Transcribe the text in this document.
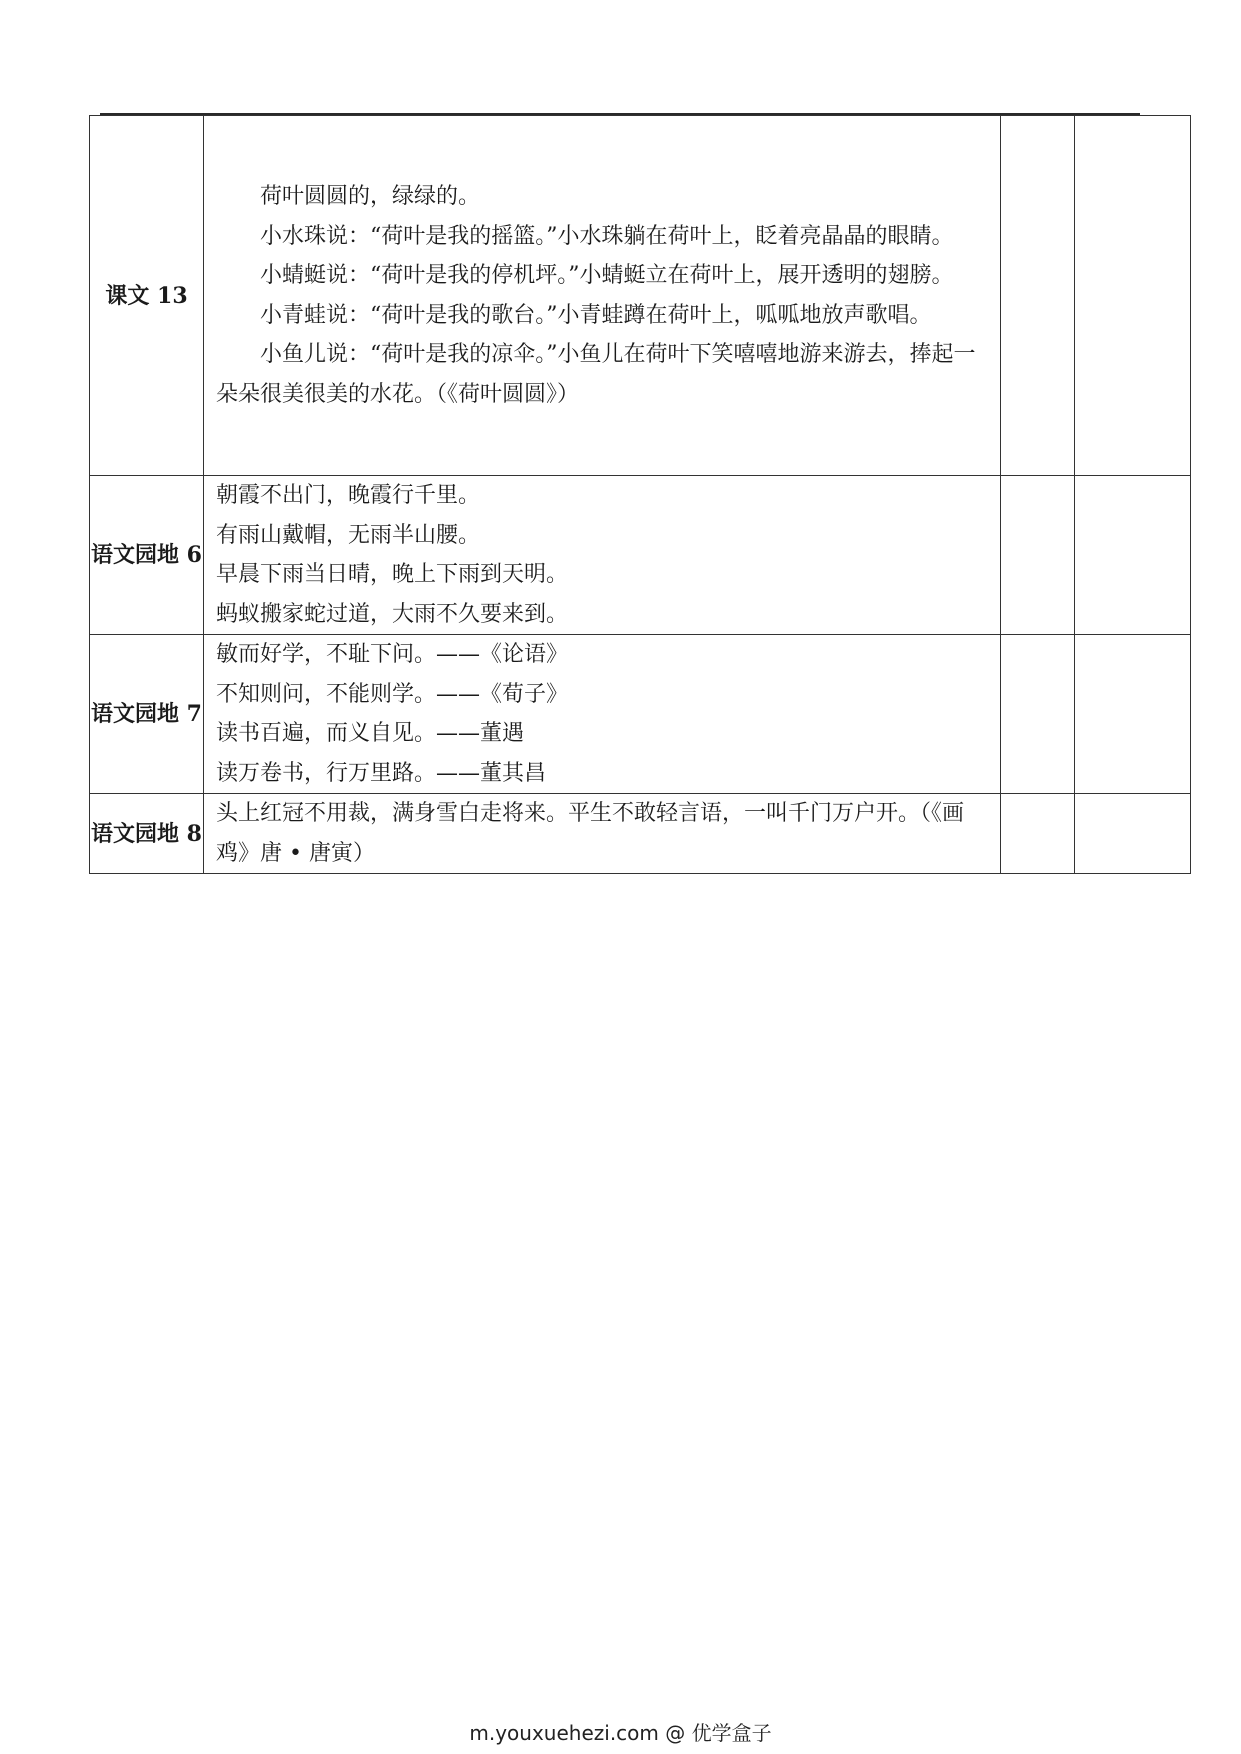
课文 13	荷叶圆圆的，绿绿的。

小水珠说：“荷叶是我的摇篮。”小水珠躺在荷叶上，眨着亮晶晶的眼睛。

小蜻蜓说：“荷叶是我的停机坪。”小蜻蜓立在荷叶上，展开透明的翅膀。

小青蛙说：“荷叶是我的歌台。”小青蛙蹲在荷叶上，呱呱地放声歌唱。

小鱼儿说：“荷叶是我的凉伞。”小鱼儿在荷叶下笑嘻嘻地游来游去，捧起一朵朵很美很美的水花。（《荷叶圆圆》）		

语文园地 6	朝霞不出门，晚霞行千里。

有雨山戴帽，无雨半山腰。

早晨下雨当日晴，晚上下雨到天明。

蚂蚁搬家蛇过道，大雨不久要来到。		

语文园地 7	敏而好学，不耻下问。——《论语》

不知则问，不能则学。——《荀子》

读书百遍，而义自见。——董遇

读万卷书，行万里路。——董其昌		

语文园地 8	头上红冠不用裁，满身雪白走将来。平生不敢轻言语，一叫千门万户开。（《画鸡》唐 • 唐寅）		

m.youxuehezi.com @ 优学盒子
